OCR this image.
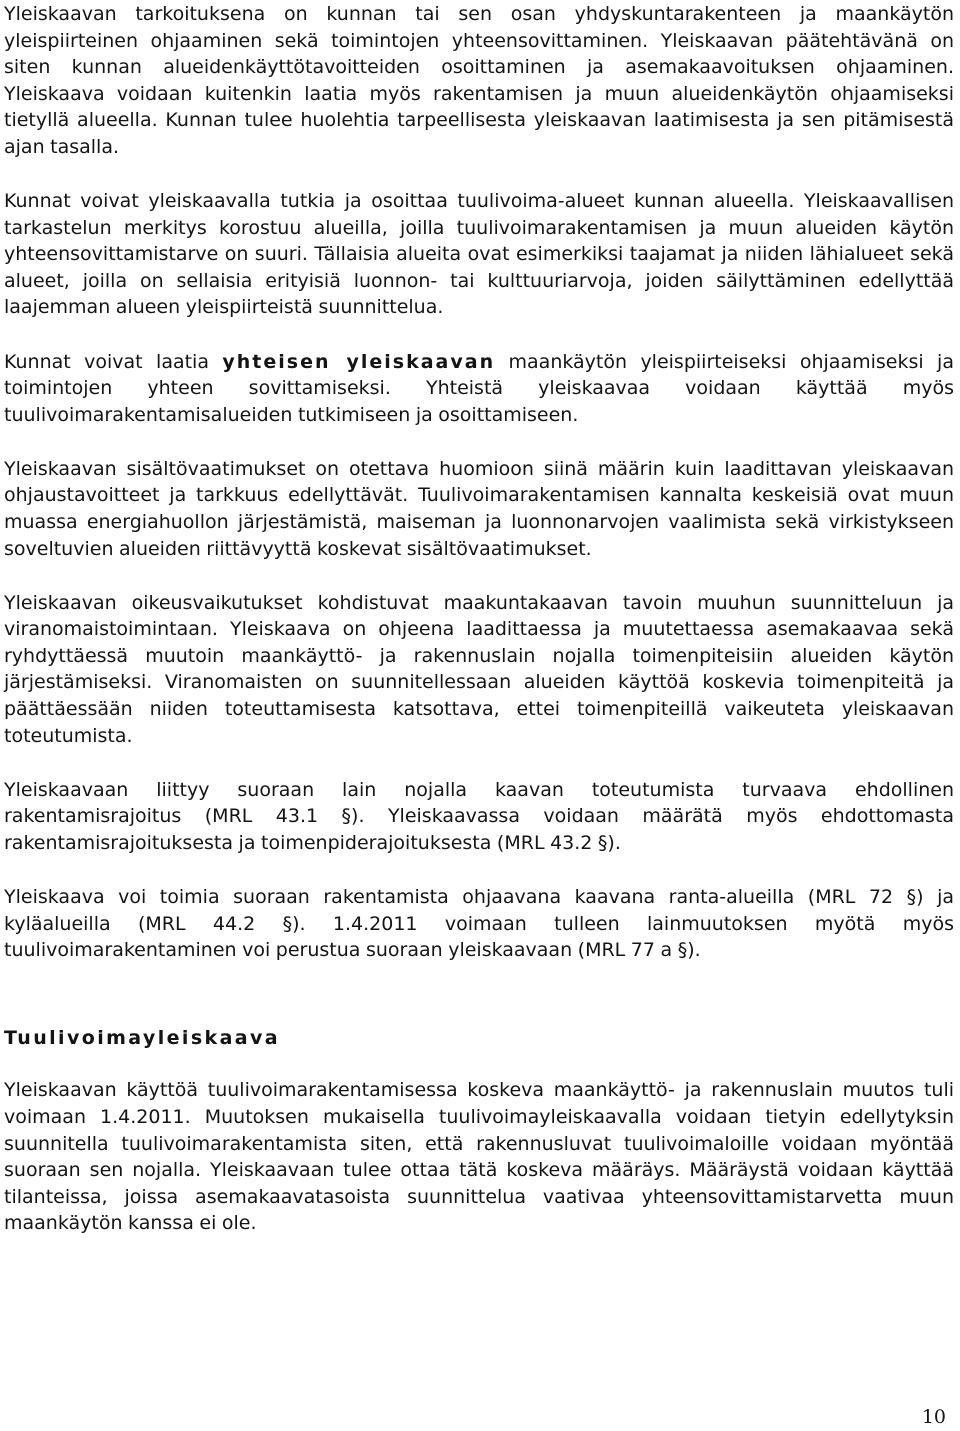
Yleiskaavan tarkoituksena on kunnan tai sen osan yhdyskuntarakenteen ja maankäytön yleispiirteinen ohjaaminen sekä toimintojen yhteensovittaminen. Yleiskaavan päätehtävänä on siten kunnan alueidenkäyttötavoitteiden osoittaminen ja asemakaavoituksen ohjaaminen. Yleiskaava voidaan kuitenkin laatia myös rakentamisen ja muun alueidenkäytön ohjaamiseksi tietyllä alueella. Kunnan tulee huolehtia tarpeellisesta yleiskaavan laatimisesta ja sen pitämisestä ajan tasalla.

Kunnat voivat yleiskaavalla tutkia ja osoittaa tuulivoima-alueet kunnan alueella. Yleiskaavallisen tarkastelun merkitys korostuu alueilla, joilla tuulivoimarakentamisen ja muun alueiden käytön yhteensovittamistarve on suuri. Tällaisia alueita ovat esimerkiksi taajamat ja niiden lähialueet sekä alueet, joilla on sellaisia erityisiä luonnon- tai kulttuuriarvoja, joiden säilyttäminen edellyttää laajemman alueen yleispiirteistä suunnittelua.

Kunnat voivat laatia yhteisen yleiskaavan maankäytön yleispiirteiseksi ohjaamiseksi ja toimintojen yhteen sovittamiseksi. Yhteistä yleiskaavaa voidaan käyttää myös tuulivoimarakentamisalueiden tutkimiseen ja osoittamiseen.

Yleiskaavan sisältövaatimukset on otettava huomioon siinä määrin kuin laadittavan yleiskaavan ohjaustavoitteet ja tarkkuus edellyttävät. Tuulivoimarakentamisen kannalta keskeisiä ovat muun muassa energiahuollon järjestämistä, maiseman ja luonnonarvojen vaalimista sekä virkistykseen soveltuvien alueiden riittävyyttä koskevat sisältövaatimukset.

Yleiskaavan oikeusvaikutukset kohdistuvat maakuntakaavan tavoin muuhun suunnitteluun ja viranomaistoimintaan. Yleiskaava on ohjeena laadittaessa ja muutettaessa asemakaavaa sekä ryhdyttäessä muutoin maankäyttö- ja rakennuslain nojalla toimenpiteisiin alueiden käytön järjestämiseksi. Viranomaisten on suunnitellessaan alueiden käyttöä koskevia toimenpiteitä ja päättäessään niiden toteuttamisesta katsottava, ettei toimenpiteillä vaikeuteta yleiskaavan toteutumista.

Yleiskaavaan liittyy suoraan lain nojalla kaavan toteutumista turvaava ehdollinen rakentamisrajoitus (MRL 43.1 §). Yleiskaavassa voidaan määrätä myös ehdottomasta rakentamisrajoituksesta ja toimenpiderajoituksesta (MRL 43.2 §).

Yleiskaava voi toimia suoraan rakentamista ohjaavana kaavana ranta-alueilla (MRL 72 §) ja kyläalueilla (MRL 44.2 §). 1.4.2011 voimaan tulleen lainmuutoksen myötä myös tuulivoimarakentaminen voi perustua suoraan yleiskaavaan (MRL 77 a §).

Tuulivoimayleiskaava

Yleiskaavan käyttöä tuulivoimarakentamisessa koskeva maankäyttö- ja rakennuslain muutos tuli voimaan 1.4.2011. Muutoksen mukaisella tuulivoimayleiskaavalla voidaan tietyin edellytyksin suunnitella tuulivoimarakentamista siten, että rakennusluvat tuulivoimaloille voidaan myöntää suoraan sen nojalla. Yleiskaavaan tulee ottaa tätä koskeva määräys. Määräystä voidaan käyttää tilanteissa, joissa asemakaavatasoista suunnittelua vaativaa yhteensovittamistarvetta muun maankäytön kanssa ei ole.

10
